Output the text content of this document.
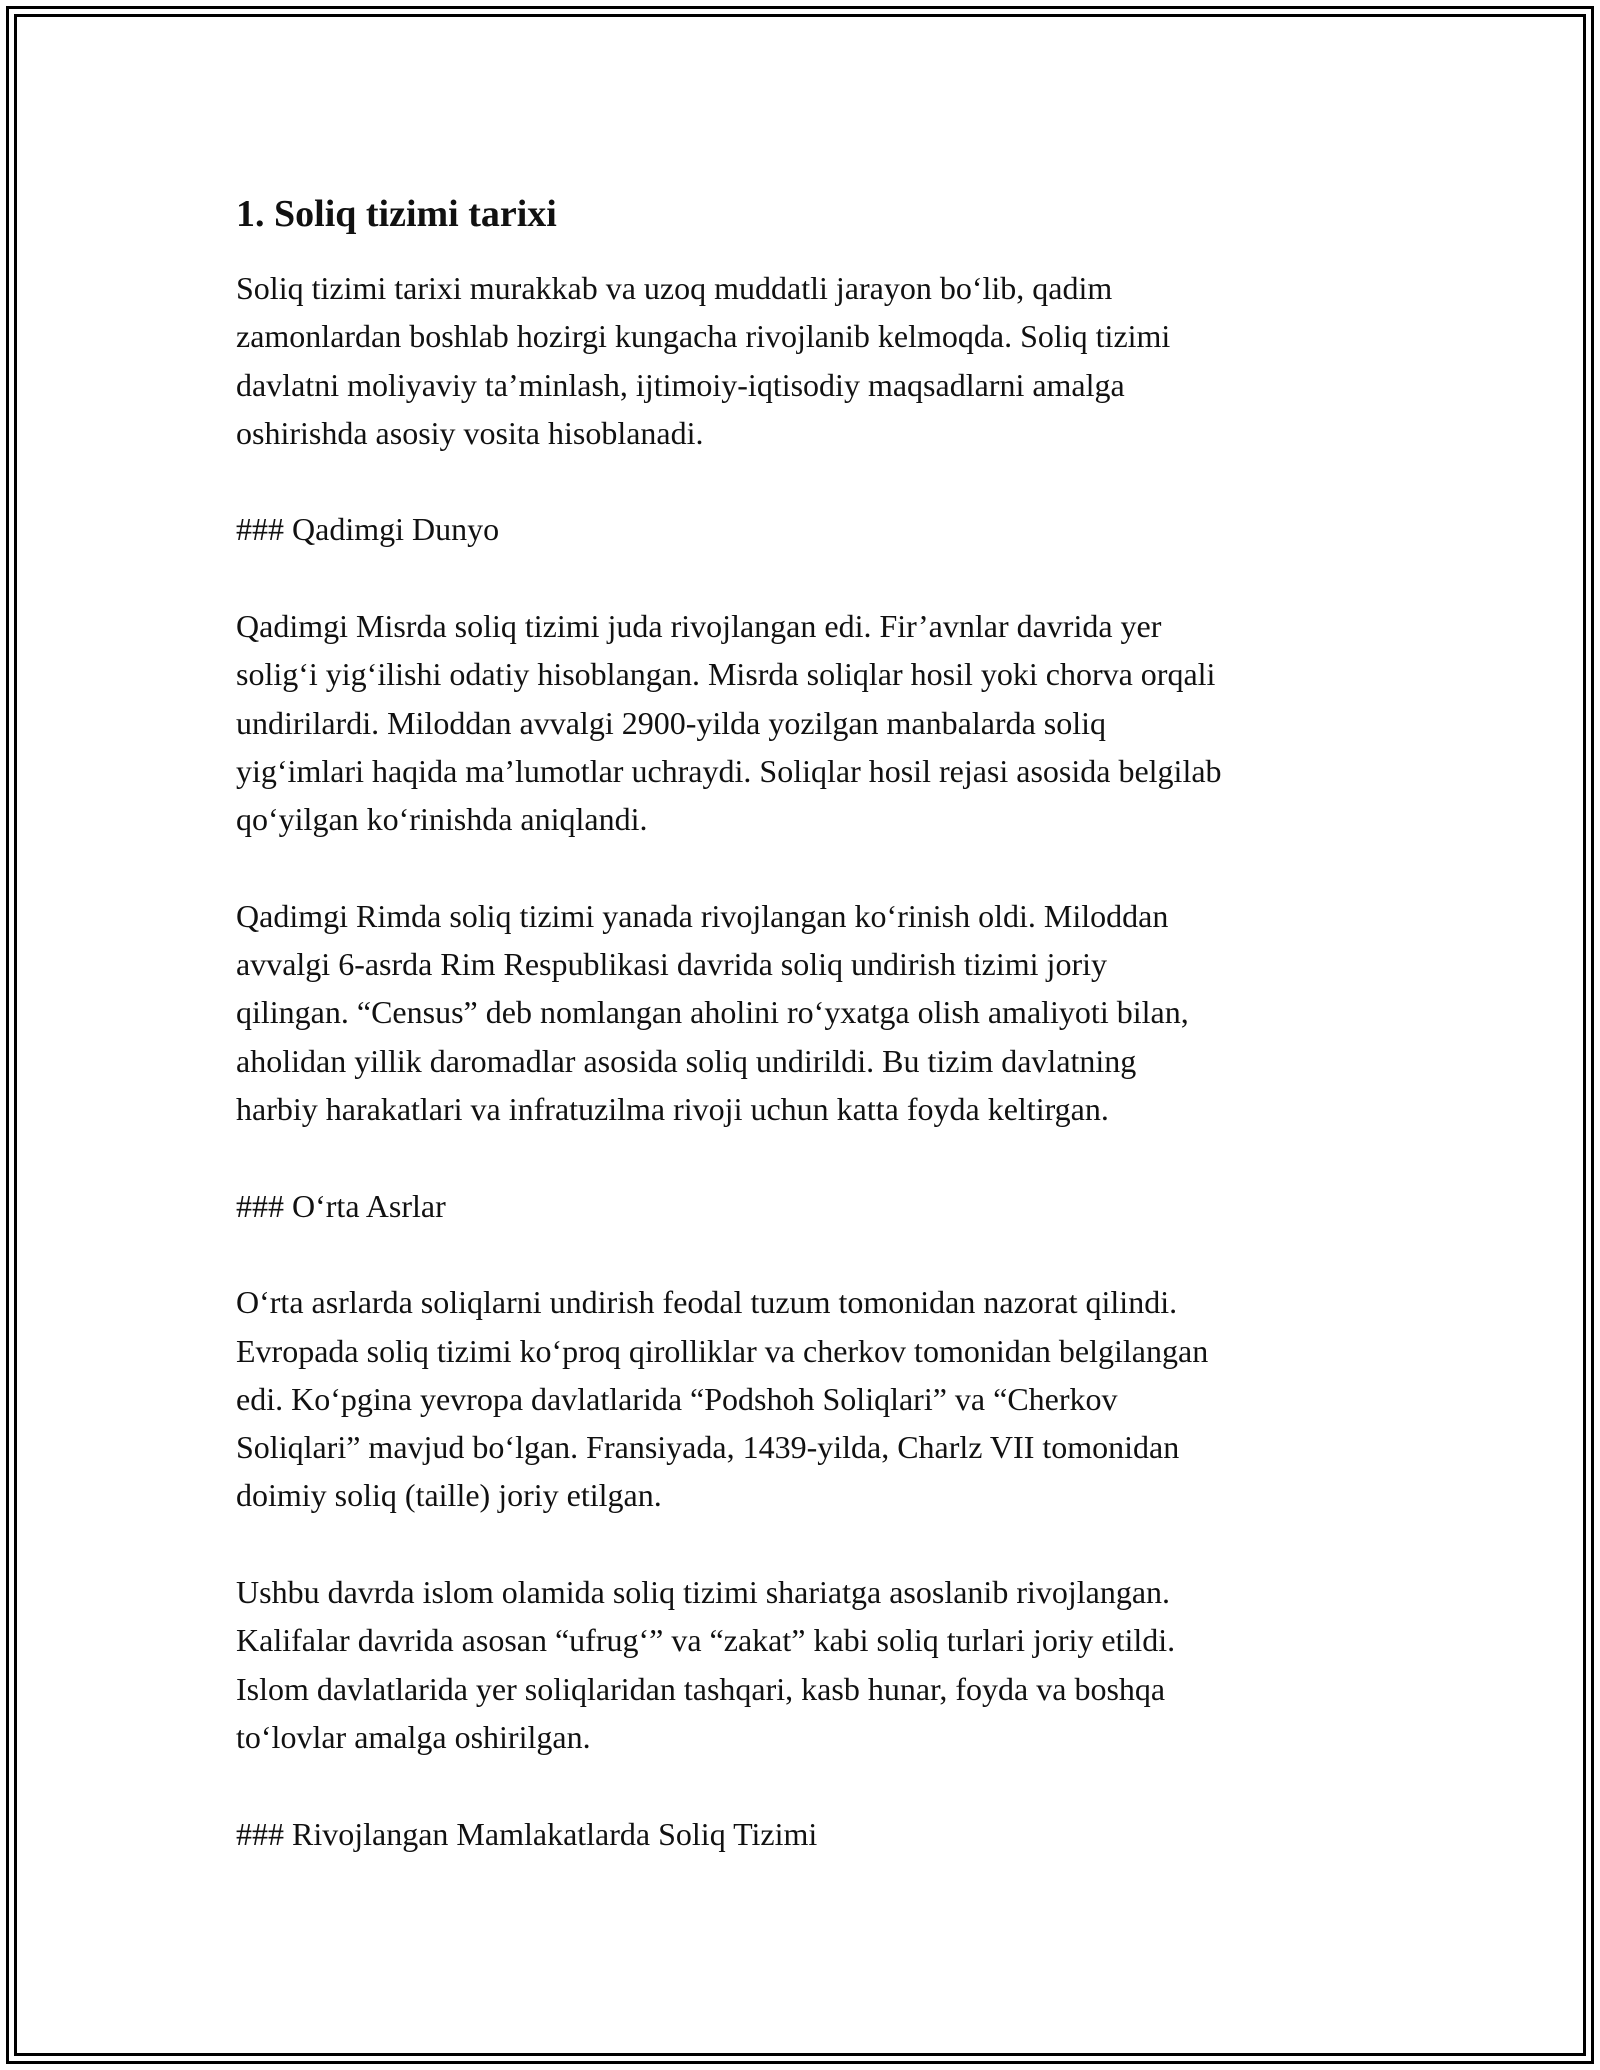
1. Soliq tizimi tarixi
Soliq tizimi tarixi murakkab va uzoq muddatli jarayon bo‘lib, qadim
zamonlardan boshlab hozirgi kungacha rivojlanib kelmoqda. Soliq tizimi
davlatni moliyaviy ta’minlash, ijtimoiy-iqtisodiy maqsadlarni amalga
oshirishda asosiy vosita hisoblanadi.
### Qadimgi Dunyo
Qadimgi Misrda soliq tizimi juda rivojlangan edi. Fir’avnlar davrida yer
solig‘i yig‘ilishi odatiy hisoblangan. Misrda soliqlar hosil yoki chorva orqali
undirilardi. Miloddan avvalgi 2900-yilda yozilgan manbalarda soliq
yig‘imlari haqida ma’lumotlar uchraydi. Soliqlar hosil rejasi asosida belgilab
qo‘yilgan ko‘rinishda aniqlandi.
Qadimgi Rimda soliq tizimi yanada rivojlangan ko‘rinish oldi. Miloddan
avvalgi 6-asrda Rim Respublikasi davrida soliq undirish tizimi joriy
qilingan. “Census” deb nomlangan aholini ro‘yxatga olish amaliyoti bilan,
aholidan yillik daromadlar asosida soliq undirildi. Bu tizim davlatning
harbiy harakatlari va infratuzilma rivoji uchun katta foyda keltirgan.
### O‘rta Asrlar
O‘rta asrlarda soliqlarni undirish feodal tuzum tomonidan nazorat qilindi.
Evropada soliq tizimi ko‘proq qirolliklar va cherkov tomonidan belgilangan
edi. Ko‘pgina yevropa davlatlarida “Podshoh Soliqlari” va “Cherkov
Soliqlari” mavjud bo‘lgan. Fransiyada, 1439-yilda, Charlz VII tomonidan
doimiy soliq (taille) joriy etilgan.
Ushbu davrda islom olamida soliq tizimi shariatga asoslanib rivojlangan.
Kalifalar davrida asosan “ufrug‘” va “zakat” kabi soliq turlari joriy etildi.
Islom davlatlarida yer soliqlaridan tashqari, kasb hunar, foyda va boshqa
to‘lovlar amalga oshirilgan.
### Rivojlangan Mamlakatlarda Soliq Tizimi
